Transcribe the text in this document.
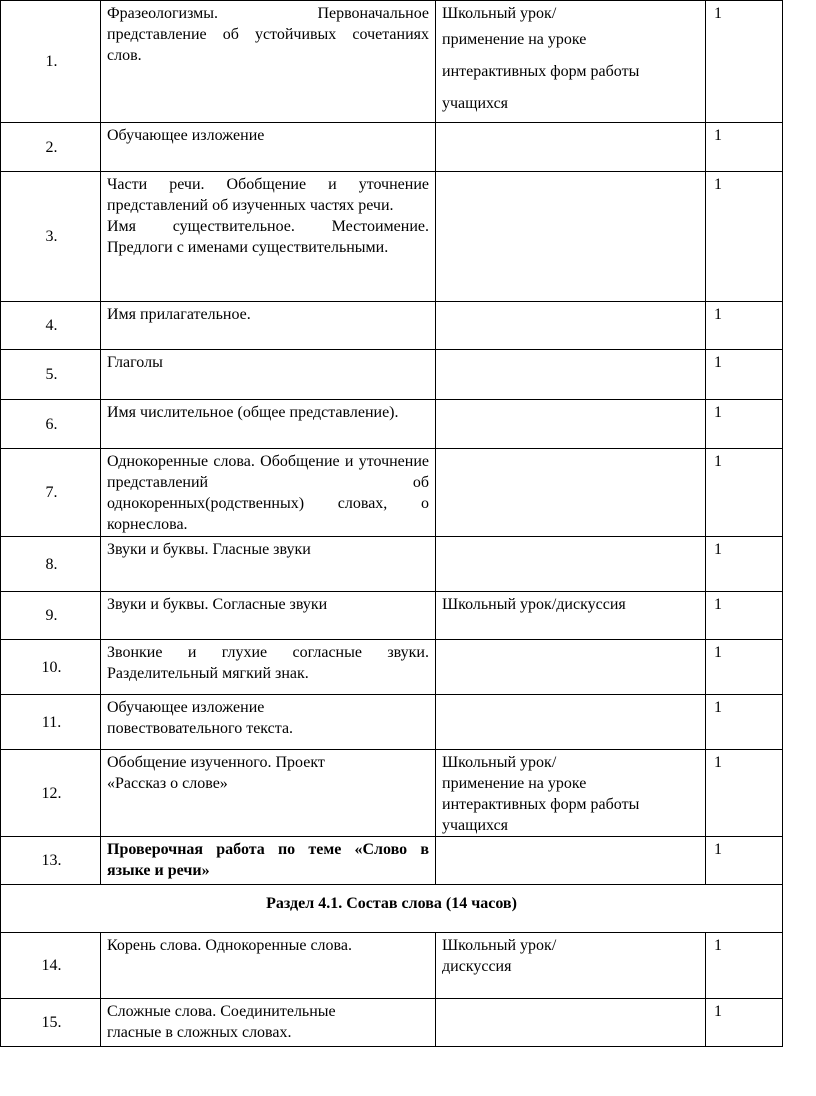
1.	Фразеологизмы. Первоначальное представление об устойчивых сочетаниях слов.	Школьный урок/
применение на уроке
интерактивных форм работы
учащихся	1
2.	Обучающее изложение		1
3.	Части речи. Обобщение и уточнение представлений об изученных частях речи.
Имя существительное. Местоимение. Предлоги с именами существительными.		1
4.	Имя прилагательное.		1
5.	Глаголы		1
6.	Имя числительное (общее представление).		1
7.	Однокоренные слова. Обобщение и уточнение представлений об однокоренных(родственных) словах, о корнеслова.		1
8.	Звуки и буквы. Гласные звуки		1
9.	Звуки и буквы. Согласные звуки	Школьный урок/дискуссия	1
10.	Звонкие и глухие согласные звуки. Разделительный мягкий знак.		1
11.	Обучающее изложение
повествовательного текста.		1
12.	Обобщение изученного. Проект
«Рассказ о слове»	Школьный урок/
применение на уроке
интерактивных форм работы
учащихся	1
13.	Проверочная работа по теме «Слово в языке и речи»		1
Раздел 4.1. Состав слова (14 часов)			
14.	Корень слова. Однокоренные слова.	Школьный урок/
дискуссия	1
15.	Сложные слова. Соединительные
гласные в сложных словах.		1
